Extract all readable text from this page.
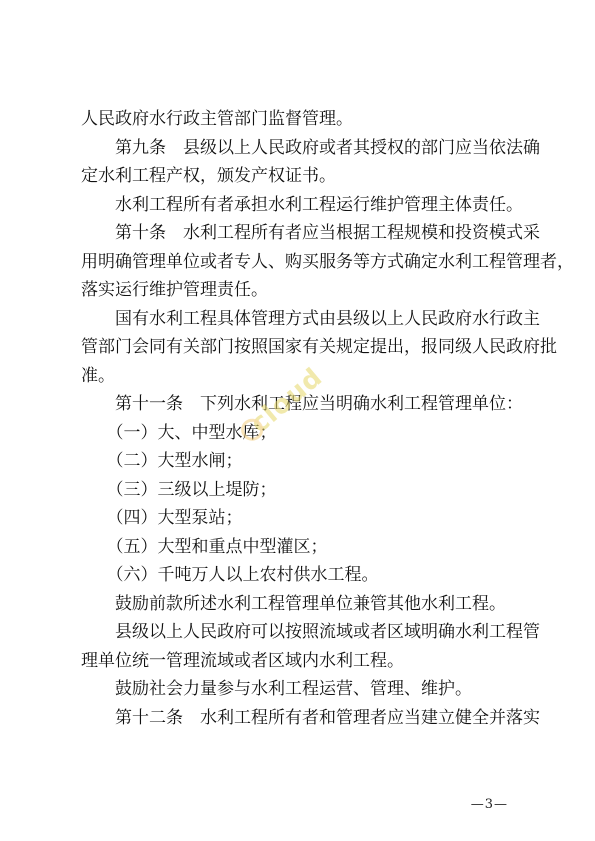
人民政府水行政主管部门监督管理。
　　第九条　县级以上人民政府或者其授权的部门应当依法确
定水利工程产权，颁发产权证书。
　　水利工程所有者承担水利工程运行维护管理主体责任。
　　第十条　水利工程所有者应当根据工程规模和投资模式采
用明确管理单位或者专人、购买服务等方式确定水利工程管理者，
落实运行维护管理责任。
　　国有水利工程具体管理方式由县级以上人民政府水行政主
管部门会同有关部门按照国家有关规定提出，报同级人民政府批
准。
　　第十一条　下列水利工程应当明确水利工程管理单位：
　　（一）大、中型水库；
　　（二）大型水闸；
　　（三）三级以上堤防；
　　（四）大型泵站；
　　（五）大型和重点中型灌区；
　　（六）千吨万人以上农村供水工程。
　　鼓励前款所述水利工程管理单位兼管其他水利工程。
　　县级以上人民政府可以按照流域或者区域明确水利工程管
理单位统一管理流域或者区域内水利工程。
　　鼓励社会力量参与水利工程运营、管理、维护。
　　第十二条　水利工程所有者和管理者应当建立健全并落实
cloud
—3—
